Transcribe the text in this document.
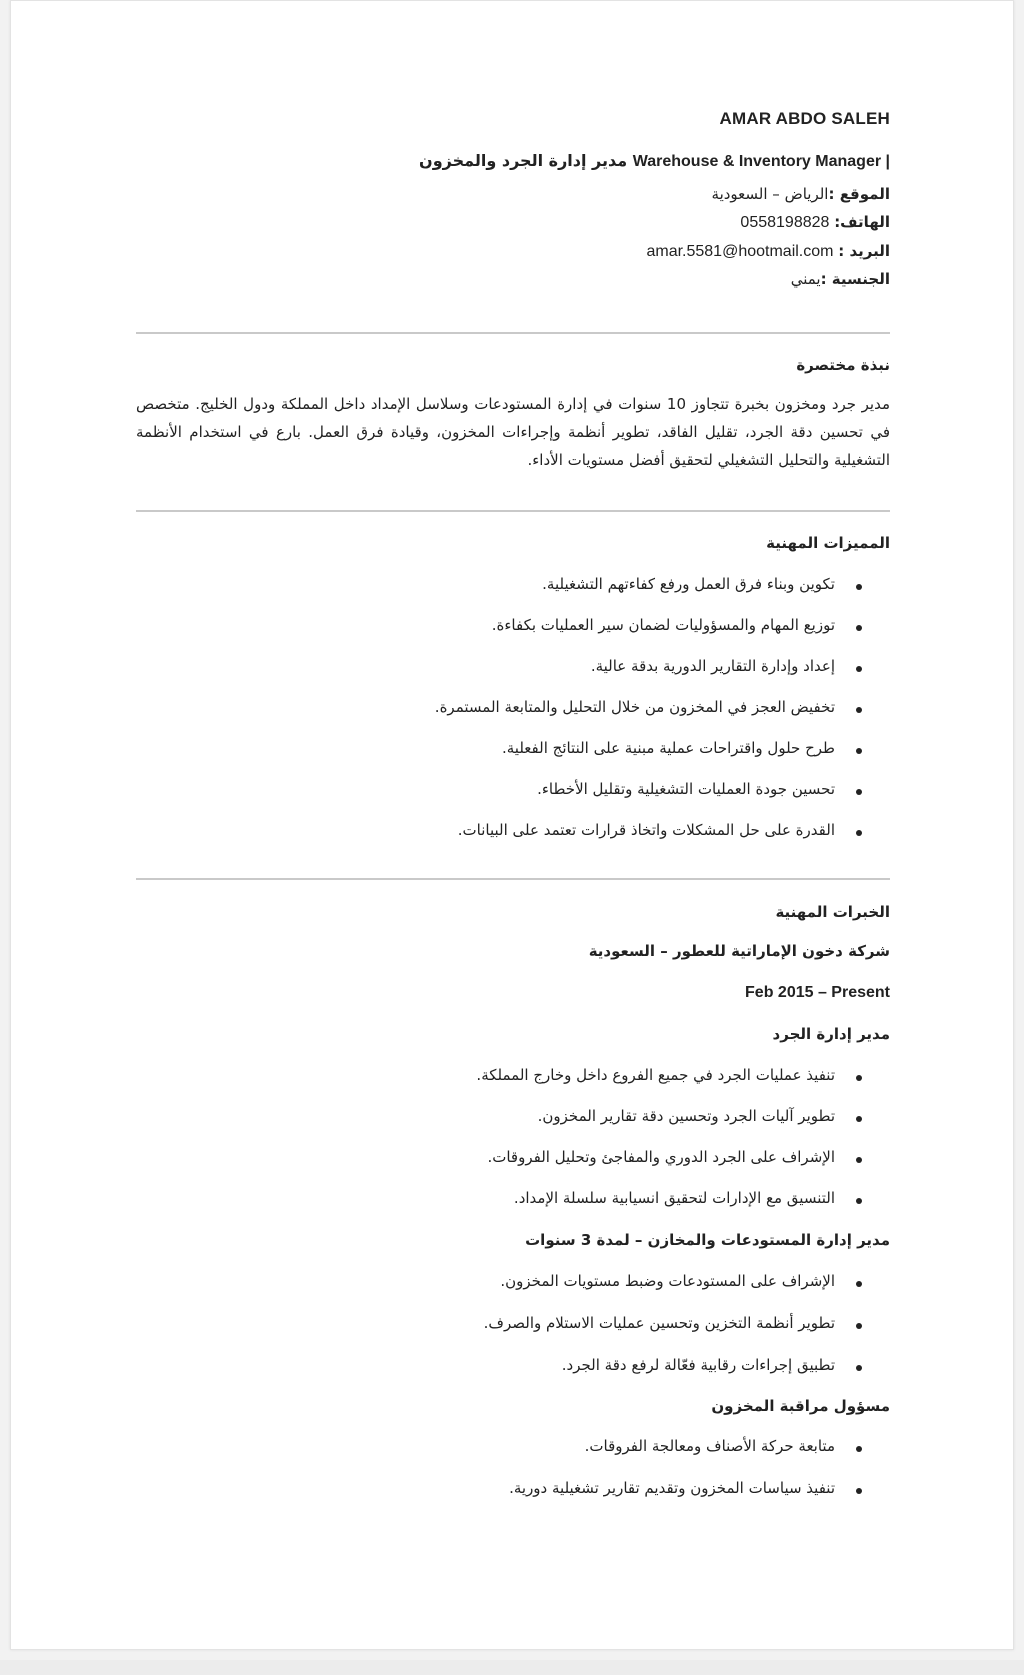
AMAR ABDO SALEH
Warehouse & Inventory Manager | مدير إدارة الجرد والمخزون
الموقع :الرياض – السعودية
الهاتف: 0558198828
البريد : amar.5581@hootmail.com
الجنسية :يمني
نبذة مختصرة
مدير جرد ومخزون بخبرة تتجاوز 10 سنوات في إدارة المستودعات وسلاسل الإمداد داخل المملكة ودول الخليج. متخصص في تحسين دقة الجرد، تقليل الفاقد، تطوير أنظمة وإجراءات المخزون، وقيادة فرق العمل. بارع في استخدام الأنظمة التشغيلية والتحليل التشغيلي لتحقيق أفضل مستويات الأداء.
المميزات المهنية
تكوين وبناء فرق العمل ورفع كفاءتهم التشغيلية.
توزيع المهام والمسؤوليات لضمان سير العمليات بكفاءة.
إعداد وإدارة التقارير الدورية بدقة عالية.
تخفيض العجز في المخزون من خلال التحليل والمتابعة المستمرة.
طرح حلول واقتراحات عملية مبنية على النتائج الفعلية.
تحسين جودة العمليات التشغيلية وتقليل الأخطاء.
القدرة على حل المشكلات واتخاذ قرارات تعتمد على البيانات.
الخبرات المهنية
شركة دخون الإماراتية للعطور – السعودية
Feb 2015 – Present
مدير إدارة الجرد
تنفيذ عمليات الجرد في جميع الفروع داخل وخارج المملكة.
تطوير آليات الجرد وتحسين دقة تقارير المخزون.
الإشراف على الجرد الدوري والمفاجئ وتحليل الفروقات.
التنسيق مع الإدارات لتحقيق انسيابية سلسلة الإمداد.
مدير إدارة المستودعات والمخازن – لمدة 3 سنوات
الإشراف على المستودعات وضبط مستويات المخزون.
تطوير أنظمة التخزين وتحسين عمليات الاستلام والصرف.
تطبيق إجراءات رقابية فعّالة لرفع دقة الجرد.
مسؤول مراقبة المخزون
متابعة حركة الأصناف ومعالجة الفروقات.
تنفيذ سياسات المخزون وتقديم تقارير تشغيلية دورية.
